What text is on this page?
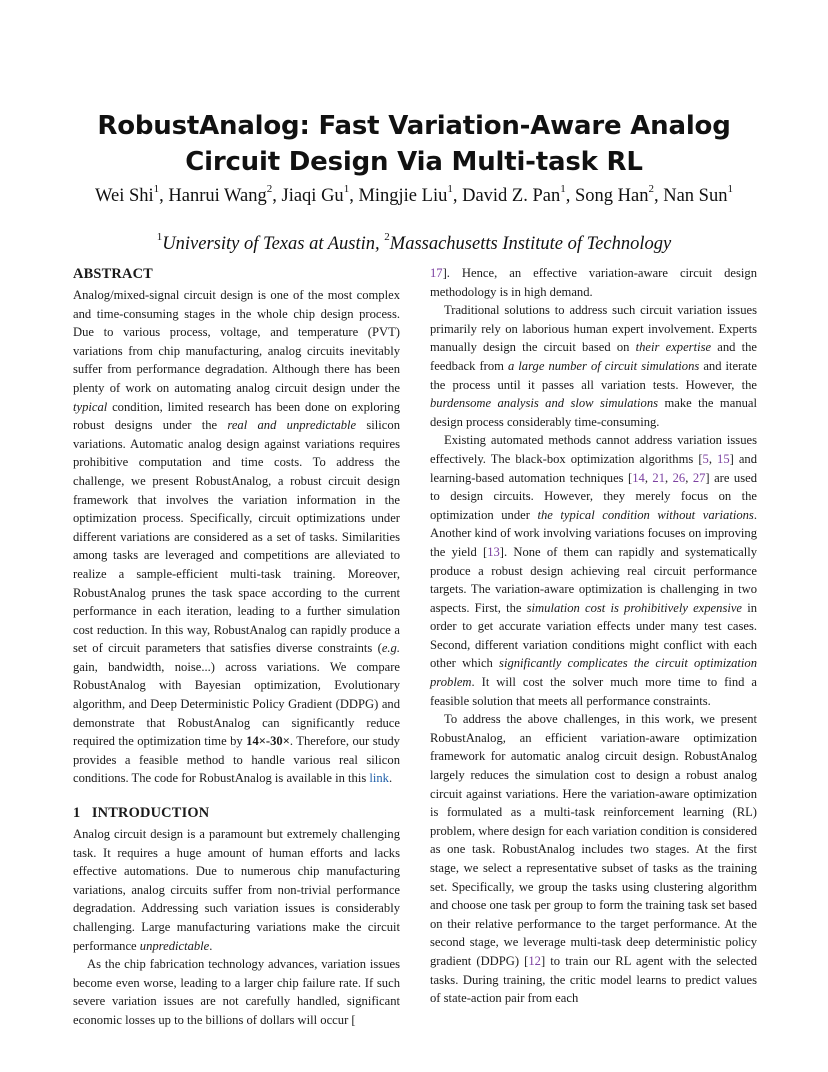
RobustAnalog: Fast Variation-Aware Analog Circuit Design Via Multi-task RL
Wei Shi$^1$, Hanrui Wang$^2$, Jiaqi Gu$^1$, Mingjie Liu$^1$, David Z. Pan$^1$, Song Han$^2$, Nan Sun$^1$
$^1$University of Texas at Austin, $^2$Massachusetts Institute of Technology
ABSTRACT

Analog/mixed-signal circuit design is one of the most complex and time-consuming stages in the whole chip design process. Due to various process, voltage, and temperature (PVT) variations from chip manufacturing, analog circuits inevitably suffer from performance degradation. Although there has been plenty of work on automating analog circuit design under the typical condition, limited research has been done on exploring robust designs under the real and unpredictable silicon variations. Automatic analog design against variations requires prohibitive computation and time costs. To address the challenge, we present RobustAnalog, a robust circuit design framework that involves the variation information in the optimization process. Specifically, circuit optimizations under different variations are considered as a set of tasks. Similarities among tasks are leveraged and competitions are alleviated to realize a sample-efficient multi-task training. Moreover, RobustAnalog prunes the task space according to the current performance in each iteration, leading to a further simulation cost reduction. In this way, RobustAnalog can rapidly produce a set of circuit parameters that satisfies diverse constraints (e.g. gain, bandwidth, noise...) across variations. We compare RobustAnalog with Bayesian optimization, Evolutionary algorithm, and Deep Deterministic Policy Gradient (DDPG) and demonstrate that RobustAnalog can significantly reduce required the optimization time by 14×-30×. Therefore, our study provides a feasible method to handle various real silicon conditions. The code for RobustAnalog is available in this link.

1 INTRODUCTION

Analog circuit design is a paramount but extremely challenging task. It requires a huge amount of human efforts and lacks effective automations. Due to numerous chip manufacturing variations, analog circuits suffer from non-trivial performance degradation. Addressing such variation issues is considerably challenging. Large manufacturing variations make the circuit performance unpredictable.

As the chip fabrication technology advances, variation issues become even worse, leading to a larger chip failure rate. If such severe variation issues are not carefully handled, significant economic losses up to the billions of dollars will occur [

17]. Hence, an effective variation-aware circuit design methodology is in high demand.

Traditional solutions to address such circuit variation issues primarily rely on laborious human expert involvement. Experts manually design the circuit based on their expertise and the feedback from a large number of circuit simulations and iterate the process until it passes all variation tests. However, the burdensome analysis and slow simulations make the manual design process considerably time-consuming.

Existing automated methods cannot address variation issues effectively. The black-box optimization algorithms [5, 15] and learning-based automation techniques [14, 21, 26, 27] are used to design circuits. However, they merely focus on the optimization under the typical condition without variations. Another kind of work involving variations focuses on improving the yield [13]. None of them can rapidly and systematically produce a robust design achieving real circuit performance targets. The variation-aware optimization is challenging in two aspects. First, the simulation cost is prohibitively expensive in order to get accurate variation effects under many test cases. Second, different variation conditions might conflict with each other which significantly complicates the circuit optimization problem. It will cost the solver much more time to find a feasible solution that meets all performance constraints.

To address the above challenges, in this work, we present RobustAnalog, an efficient variation-aware optimization framework for automatic analog circuit design. RobustAnalog largely reduces the simulation cost to design a robust analog circuit against variations. Here the variation-aware optimization is formulated as a multi-task reinforcement learning (RL) problem, where design for each variation condition is considered as one task. RobustAnalog includes two stages. At the first stage, we select a representative subset of tasks as the training set. Specifically, we group the tasks using clustering algorithm and choose one task per group to form the training task set based on their relative performance to the target performance. At the second stage, we leverage multi-task deep deterministic policy gradient (DDPG) [12] to train our RL agent with the selected tasks. During training, the critic model learns to predict values of state-action pair from each
